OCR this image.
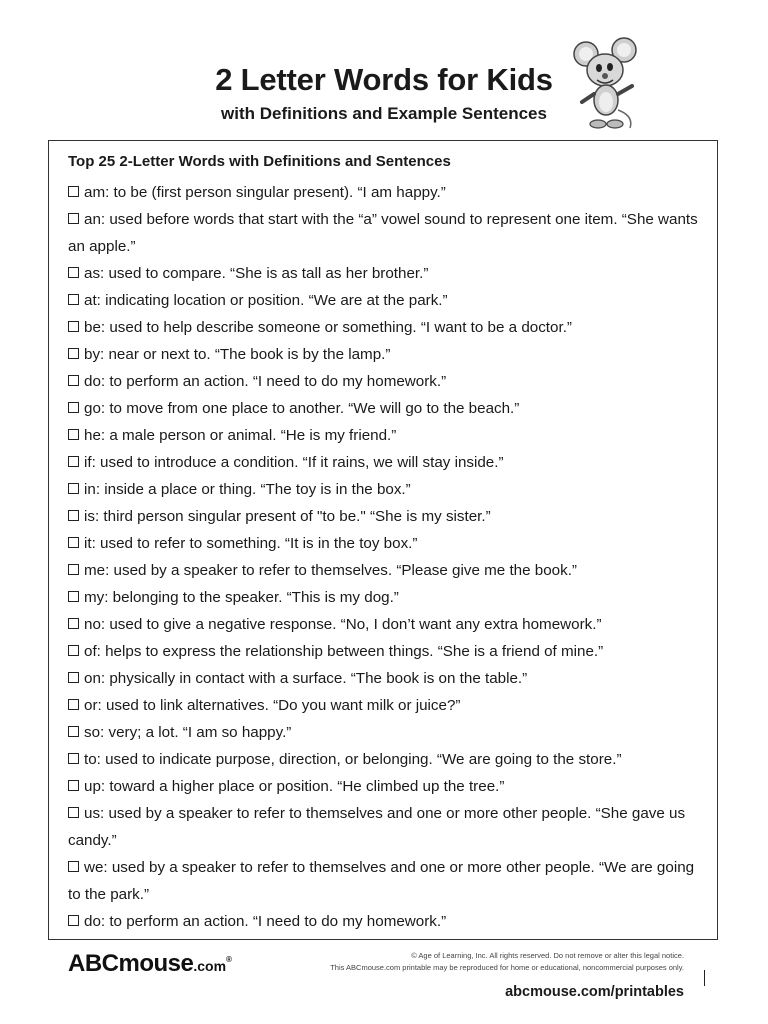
2 Letter Words for Kids
with Definitions and Example Sentences
Top 25 2-Letter Words with Definitions and Sentences
am: to be (first person singular present). “I am happy.”
an: used before words that start with the “a” vowel sound to represent one item. “She wants an apple.”
as: used to compare. “She is as tall as her brother.”
at: indicating location or position. “We are at the park.”
be: used to help describe someone or something. “I want to be a doctor.”
by: near or next to. “The book is by the lamp.”
do: to perform an action. “I need to do my homework.”
go: to move from one place to another. “We will go to the beach.”
he: a male person or animal. “He is my friend.”
if: used to introduce a condition. “If it rains, we will stay inside.”
in: inside a place or thing. “The toy is in the box.”
is: third person singular present of "to be." “She is my sister.”
it: used to refer to something. “It is in the toy box.”
me: used by a speaker to refer to themselves. “Please give me the book.”
my: belonging to the speaker. “This is my dog.”
no: used to give a negative response. “No, I don’t want any extra homework.”
of: helps to express the relationship between things. “She is a friend of mine.”
on: physically in contact with a surface. “The book is on the table.”
or: used to link alternatives. “Do you want milk or juice?”
so: very; a lot. “I am so happy.”
to: used to indicate purpose, direction, or belonging. “We are going to the store.”
up: toward a higher place or position. “He climbed up the tree.”
us: used by a speaker to refer to themselves and one or more other people. “She gave us candy.”
we: used by a speaker to refer to themselves and one or more other people. “We are going to the park.”
do: to perform an action. “I need to do my homework.”
ABCmouse.com®	© Age of Learning, Inc. All rights reserved. Do not remove or alter this legal notice.
This ABCmouse.com printable may be reproduced for home or educational, noncommercial purposes only.
abcmouse.com/printables
